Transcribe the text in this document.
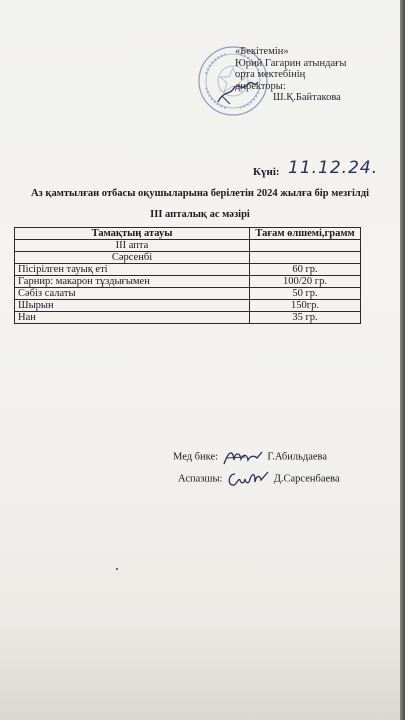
«Бекітемін»
Юрий Гагарин атындағы
орта мектебінің
директоры:
Ш.Қ.Байтакова
Күні: 11.12.24.
Аз қамтылған отбасы оқушыларына берілетін 2024 жылға бір мезгілді
ІІІ апталық ас мәзірі
Тамақтың атауы	Тағам өлшемі,грамм
ІІІ апта	
Сәрсенбі	
Пісірілген тауық еті	60 гр.
Гарнир: макарон тұздығымен	100/20 гр.
Сәбіз салаты	50 гр.
Шырын	150гр.
Нан	35 гр.
Мед бике:	Г.Абильдаева
Аспазшы:	Д.Сарсенбаева
